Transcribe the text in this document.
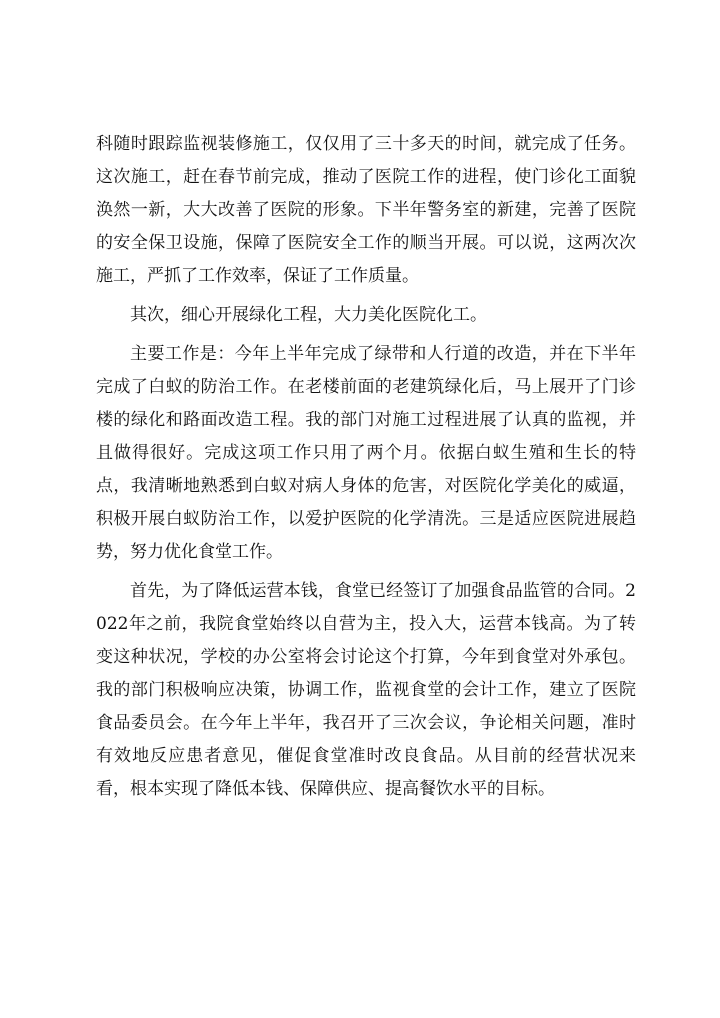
科随时跟踪监视装修施工，仅仅用了三十多天的时间，就完成了任务。这次施工，赶在春节前完成，推动了医院工作的进程，使门诊化工面貌涣然一新，大大改善了医院的形象。下半年警务室的新建，完善了医院的安全保卫设施，保障了医院安全工作的顺当开展。可以说，这两次次施工，严抓了工作效率，保证了工作质量。

其次，细心开展绿化工程，大力美化医院化工。

主要工作是：今年上半年完成了绿带和人行道的改造，并在下半年完成了白蚁的防治工作。在老楼前面的老建筑绿化后，马上展开了门诊楼的绿化和路面改造工程。我的部门对施工过程进展了认真的监视，并且做得很好。完成这项工作只用了两个月。依据白蚁生殖和生长的特点，我清晰地熟悉到白蚁对病人身体的危害，对医院化学美化的威逼，积极开展白蚁防治工作，以爱护医院的化学清洗。三是适应医院进展趋势，努力优化食堂工作。

首先，为了降低运营本钱，食堂已经签订了加强食品监管的合同。2022年之前，我院食堂始终以自营为主，投入大，运营本钱高。为了转变这种状况，学校的办公室将会讨论这个打算，今年到食堂对外承包。我的部门积极响应决策，协调工作，监视食堂的会计工作，建立了医院食品委员会。在今年上半年，我召开了三次会议，争论相关问题，准时有效地反应患者意见，催促食堂准时改良食品。从目前的经营状况来看，根本实现了降低本钱、保障供应、提高餐饮水平的目标。
